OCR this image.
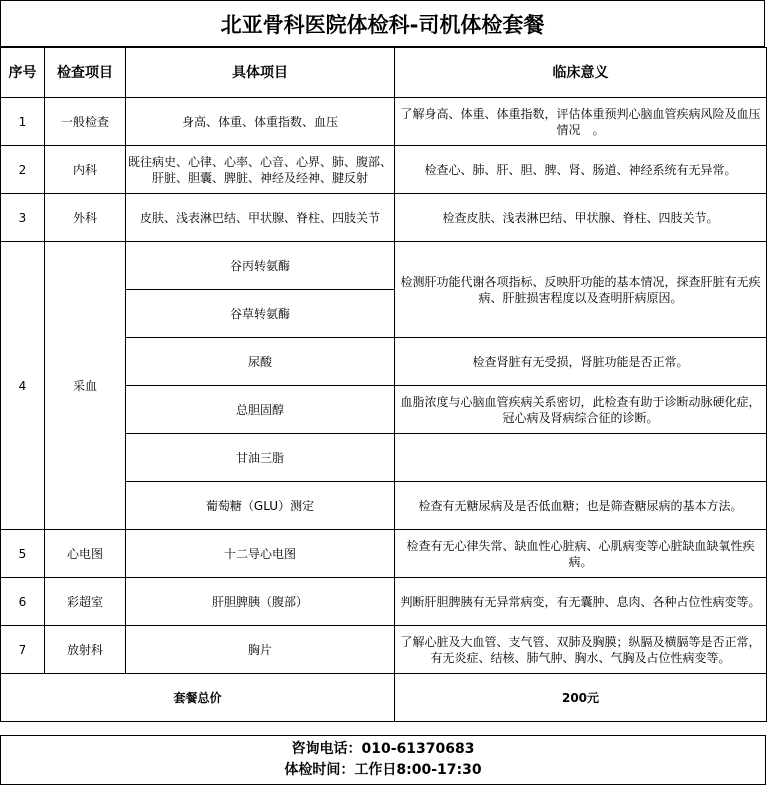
北亚骨科医院体检科-司机体检套餐
序号	检查项目	具体项目	临床意义
1	一般检查	身高、体重、体重指数、血压	了解身高、体重、体重指数，评估体重预判心脑血管疾病风险及血压情况　。
2	内科	既往病史、心律、心率、心音、心界、肺、腹部、肝脏、胆囊、脾脏、神经及经神、腱反射	检查心、肺、肝、胆、脾、肾、肠道、神经系统有无异常。
3	外科	皮肤、浅表淋巴结、甲状腺、脊柱、四肢关节	检查皮肤、浅表淋巴结、甲状腺、脊柱、四肢关节。
4	采血	谷丙转氨酶	检测肝功能代谢各项指标、反映肝功能的基本情况，探查肝脏有无疾病、肝脏损害程度以及查明肝病原因。
		谷草转氨酶	
		尿酸	检查肾脏有无受损，肾脏功能是否正常。
		总胆固醇	血脂浓度与心脑血管疾病关系密切，此检查有助于诊断动脉硬化症，冠心病及肾病综合征的诊断。
		甘油三脂	
		葡萄糖（GLU）测定	检查有无糖尿病及是否低血糖；也是筛查糖尿病的基本方法。
5	心电图	十二导心电图	检查有无心律失常、缺血性心脏病、心肌病变等心脏缺血缺氧性疾病。
6	彩超室	肝胆脾胰（腹部）	判断肝胆脾胰有无异常病变，有无囊肿、息肉、各种占位性病变等。
7	放射科	胸片	了解心脏及大血管、支气管、双肺及胸膜；纵膈及横膈等是否正常，有无炎症、结核、肺气肿、胸水、气胸及占位性病变等。
套餐总价			200元
咨询电话：010-61370683
体检时间：工作日8:00-17:30
